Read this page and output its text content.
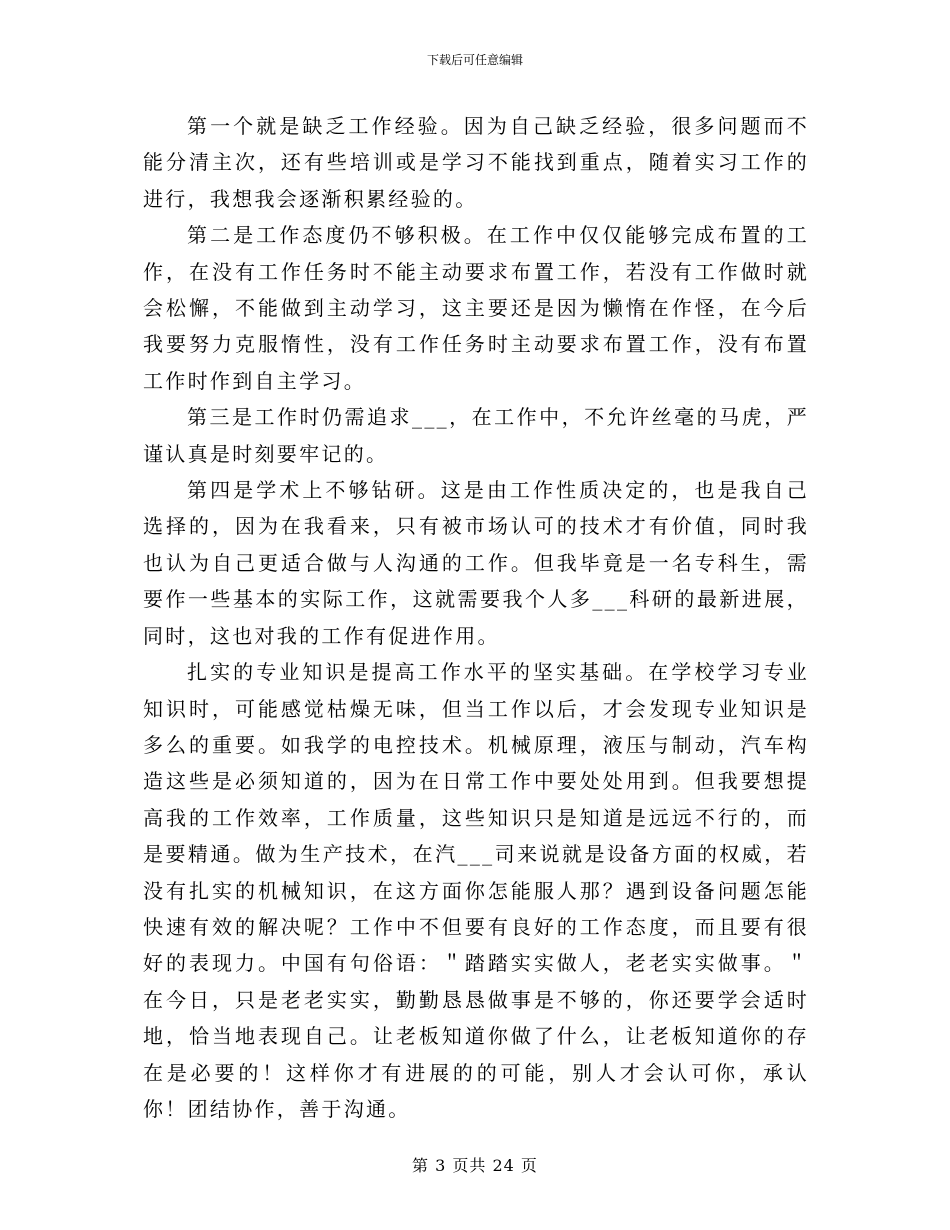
下载后可任意编辑

第一个就是缺乏工作经验。因为自己缺乏经验，很多问题而不能分清主次，还有些培训或是学习不能找到重点，随着实习工作的进行，我想我会逐渐积累经验的。

第二是工作态度仍不够积极。在工作中仅仅能够完成布置的工作，在没有工作任务时不能主动要求布置工作，若没有工作做时就会松懈，不能做到主动学习，这主要还是因为懒惰在作怪，在今后我要努力克服惰性，没有工作任务时主动要求布置工作，没有布置工作时作到自主学习。

第三是工作时仍需追求___，在工作中，不允许丝毫的马虎，严谨认真是时刻要牢记的。

第四是学术上不够钻研。这是由工作性质决定的，也是我自己选择的，因为在我看来，只有被市场认可的技术才有价值，同时我也认为自己更适合做与人沟通的工作。但我毕竟是一名专科生，需要作一些基本的实际工作，这就需要我个人多___科研的最新进展，同时，这也对我的工作有促进作用。

扎实的专业知识是提高工作水平的坚实基础。在学校学习专业知识时，可能感觉枯燥无味，但当工作以后，才会发现专业知识是多么的重要。如我学的电控技术。机械原理，液压与制动，汽车构造这些是必须知道的，因为在日常工作中要处处用到。但我要想提高我的工作效率，工作质量，这些知识只是知道是远远不行的，而是要精通。做为生产技术，在汽___司来说就是设备方面的权威，若没有扎实的机械知识，在这方面你怎能服人那？遇到设备问题怎能快速有效的解决呢？工作中不但要有良好的工作态度，而且要有很好的表现力。中国有句俗语：＂踏踏实实做人，老老实实做事。＂在今日，只是老老实实，勤勤恳恳做事是不够的，你还要学会适时地，恰当地表现自己。让老板知道你做了什么，让老板知道你的存在是必要的！这样你才有进展的的可能，别人才会认可你，承认你！团结协作，善于沟通。

第 3 页共 24 页
